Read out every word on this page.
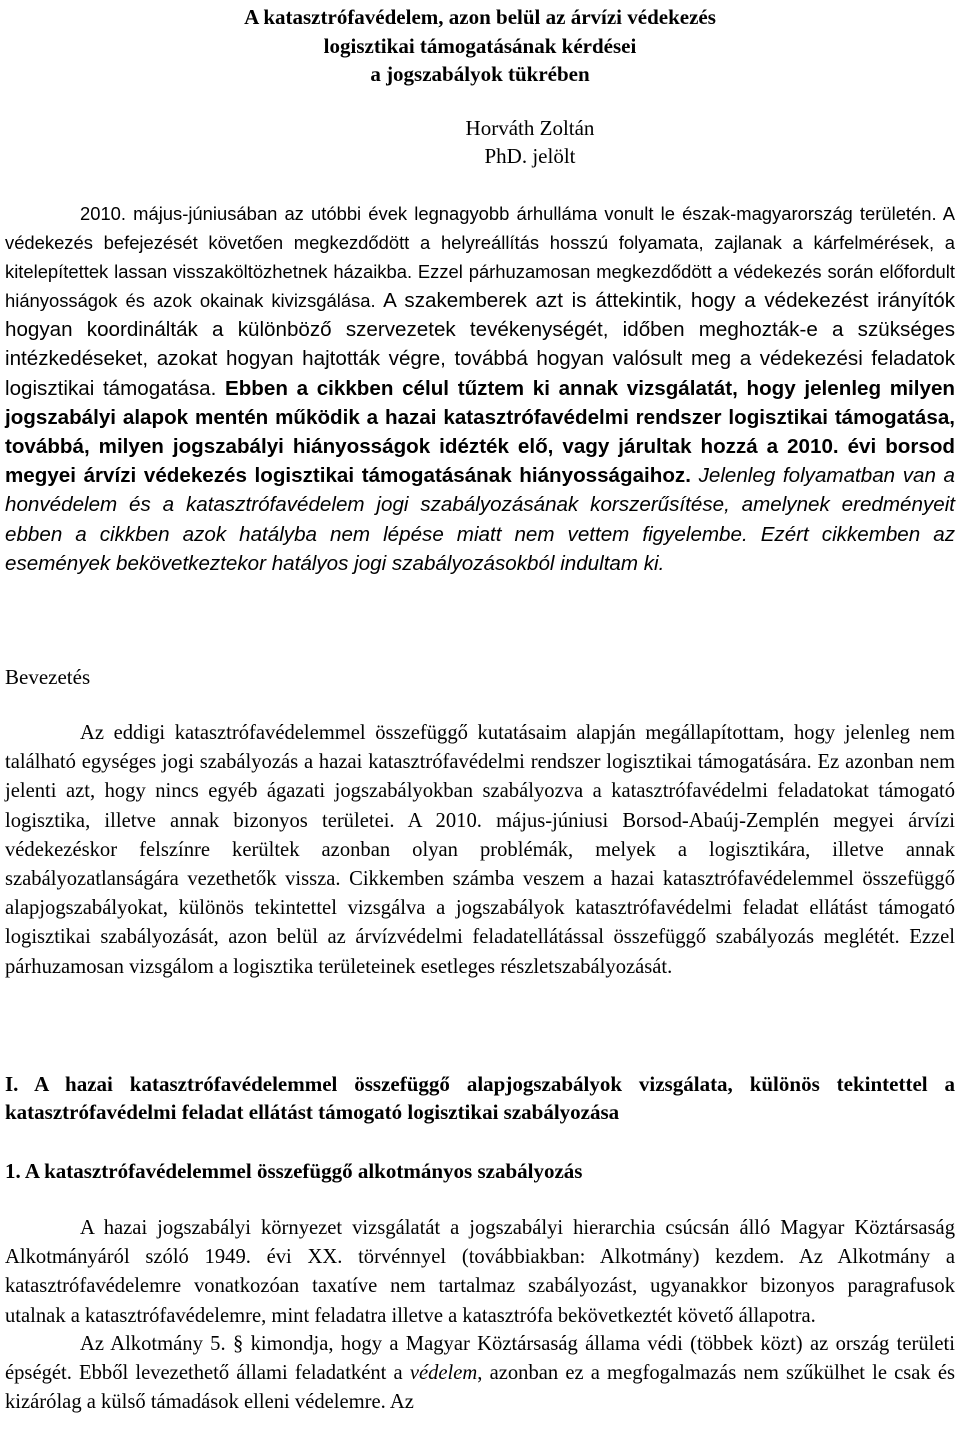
A katasztrófavédelem, azon belül az árvízi védekezés
logisztikai támogatásának kérdései
a jogszabályok tükrében
Horváth Zoltán
PhD. jelölt
2010. május-júniusában az utóbbi évek legnagyobb árhulláma vonult le észak-magyarország területén. A védekezés befejezését követően megkezdődött a helyreállítás hosszú folyamata, zajlanak a kárfelmérések, a kitelepítettek lassan visszaköltözhetnek házaikba. Ezzel párhuzamosan megkezdődött a védekezés során előfordult hiányosságok és azok okainak kivizsgálása. A szakemberek azt is áttekintik, hogy a védekezést irányítók hogyan koordinálták a különböző szervezetek tevékenységét, időben meghozták-e a szükséges intézkedéseket, azokat hogyan hajtották végre, továbbá hogyan valósult meg a védekezési feladatok logisztikai támogatása. Ebben a cikkben célul tűztem ki annak vizsgálatát, hogy jelenleg milyen jogszabályi alapok mentén működik a hazai katasztrófavédelmi rendszer logisztikai támogatása, továbbá, milyen jogszabályi hiányosságok idézték elő, vagy járultak hozzá a 2010. évi borsod megyei árvízi védekezés logisztikai támogatásának hiányosságaihoz. Jelenleg folyamatban van a honvédelem és a katasztrófavédelem jogi szabályozásának korszerűsítése, amelynek eredményeit ebben a cikkben azok hatályba nem lépése miatt nem vettem figyelembe. Ezért cikkemben az események bekövetkeztekor hatályos jogi szabályozásokból indultam ki.
Bevezetés
Az eddigi katasztrófavédelemmel összefüggő kutatásaim alapján megállapítottam, hogy jelenleg nem található egységes jogi szabályozás a hazai katasztrófavédelmi rendszer logisztikai támogatására. Ez azonban nem jelenti azt, hogy nincs egyéb ágazati jogszabályokban szabályozva a katasztrófavédelmi feladatokat támogató logisztika, illetve annak bizonyos területei. A 2010. május-júniusi Borsod-Abaúj-Zemplén megyei árvízi védekezéskor felszínre kerültek azonban olyan problémák, melyek a logisztikára, illetve annak szabályozatlanságára vezethetők vissza. Cikkemben számba veszem a hazai katasztrófavédelemmel összefüggő alapjogszabályokat, különös tekintettel vizsgálva a jogszabályok katasztrófavédelmi feladat ellátást támogató logisztikai szabályozását, azon belül az árvízvédelmi feladatellátással összefüggő szabályozás meglétét. Ezzel párhuzamosan vizsgálom a logisztika területeinek esetleges részletszabályozását.
I. A hazai katasztrófavédelemmel összefüggő alapjogszabályok vizsgálata, különös tekintettel a katasztrófavédelmi feladat ellátást támogató logisztikai szabályozása
1. A katasztrófavédelemmel összefüggő alkotmányos szabályozás
A hazai jogszabályi környezet vizsgálatát a jogszabályi hierarchia csúcsán álló Magyar Köztársaság Alkotmányáról szóló 1949. évi XX. törvénnyel (továbbiakban: Alkotmány) kezdem. Az Alkotmány a katasztrófavédelemre vonatkozóan taxatíve nem tartalmaz szabályozást, ugyanakkor bizonyos paragrafusok utalnak a katasztrófavédelemre, mint feladatra illetve a katasztrófa bekövetkeztét követő állapotra.
Az Alkotmány 5. § kimondja, hogy a Magyar Köztársaság állama védi (többek közt) az ország területi épségét. Ebből levezethető állami feladatként a védelem, azonban ez a megfogalmazás nem szűkülhet le csak és kizárólag a külső támadások elleni védelemre. Az
